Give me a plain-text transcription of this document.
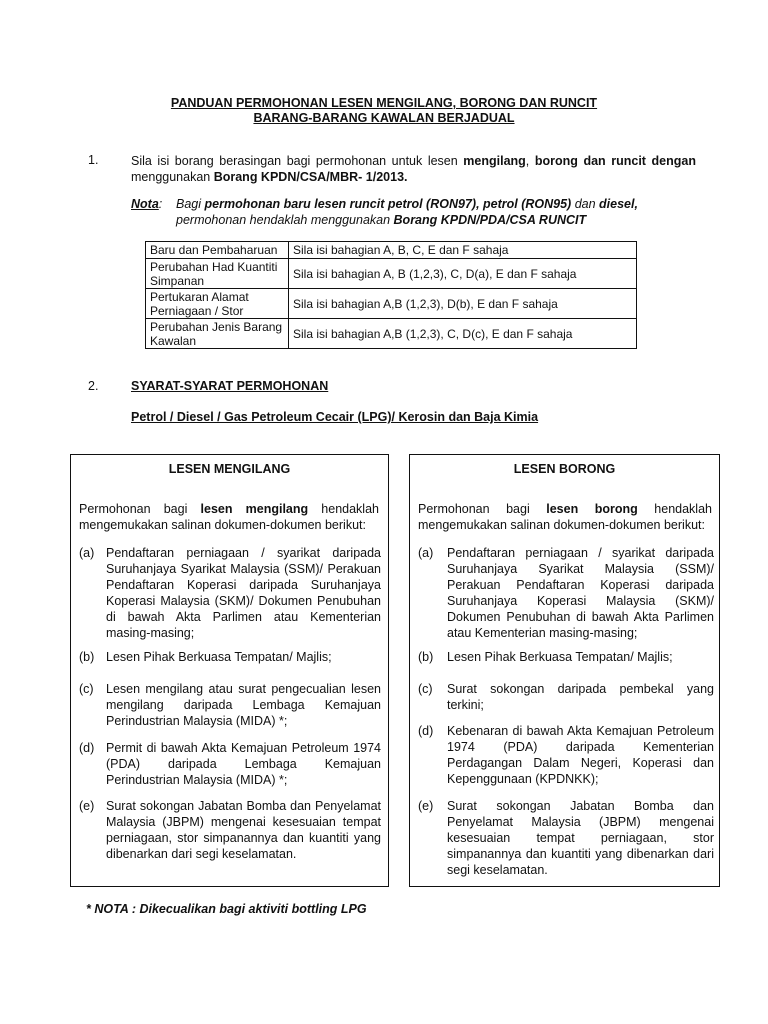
PANDUAN PERMOHONAN LESEN MENGILANG, BORONG DAN RUNCIT
BARANG-BARANG KAWALAN BERJADUAL
1.	Sila isi borang berasingan bagi permohonan untuk lesen mengilang, borong dan runcit dengan menggunakan Borang KPDN/CSA/MBR- 1/2013.
Nota: Bagi permohonan baru lesen runcit petrol (RON97), petrol (RON95) dan diesel,
permohonan hendaklah menggunakan Borang KPDN/PDA/CSA RUNCIT
Baru dan Pembaharuan	Sila isi bahagian A, B, C, E dan F sahaja
Perubahan Had Kuantiti Simpanan	Sila isi bahagian A, B (1,2,3), C, D(a), E dan F sahaja
Pertukaran Alamat Perniagaan / Stor	Sila isi bahagian A,B (1,2,3), D(b), E dan F sahaja
Perubahan Jenis Barang Kawalan	Sila isi bahagian A,B (1,2,3), C, D(c), E dan F sahaja
2.	SYARAT-SYARAT PERMOHONAN
Petrol / Diesel / Gas Petroleum Cecair (LPG)/ Kerosin dan Baja Kimia
LESEN MENGILANG
Permohonan bagi lesen mengilang hendaklah mengemukakan salinan dokumen-dokumen berikut:
(a) Pendaftaran perniagaan / syarikat daripada Suruhanjaya Syarikat Malaysia (SSM)/ Perakuan Pendaftaran Koperasi daripada Suruhanjaya Koperasi Malaysia (SKM)/ Dokumen Penubuhan di bawah Akta Parlimen atau Kementerian masing-masing;
(b) Lesen Pihak Berkuasa Tempatan/ Majlis;
(c) Lesen mengilang atau surat pengecualian lesen mengilang daripada Lembaga Kemajuan Perindustrian Malaysia (MIDA) *;
(d) Permit di bawah Akta Kemajuan Petroleum 1974 (PDA) daripada Lembaga Kemajuan Perindustrian Malaysia (MIDA) *;
(e) Surat sokongan Jabatan Bomba dan Penyelamat Malaysia (JBPM) mengenai kesesuaian tempat perniagaan, stor simpanannya dan kuantiti yang dibenarkan dari segi keselamatan.
LESEN BORONG
Permohonan bagi lesen borong hendaklah mengemukakan salinan dokumen-dokumen berikut:
(a) Pendaftaran perniagaan / syarikat daripada Suruhanjaya Syarikat Malaysia (SSM)/ Perakuan Pendaftaran Koperasi daripada Suruhanjaya Koperasi Malaysia (SKM)/ Dokumen Penubuhan di bawah Akta Parlimen atau Kementerian masing-masing;
(b) Lesen Pihak Berkuasa Tempatan/ Majlis;
(c) Surat sokongan daripada pembekal yang terkini;
(d) Kebenaran di bawah Akta Kemajuan Petroleum 1974 (PDA) daripada Kementerian Perdagangan Dalam Negeri, Koperasi dan Kepenggunaan (KPDNKK);
(e) Surat sokongan Jabatan Bomba dan Penyelamat Malaysia (JBPM) mengenai kesesuaian tempat perniagaan, stor simpanannya dan kuantiti yang dibenarkan dari segi keselamatan.
* NOTA : Dikecualikan bagi aktiviti bottling LPG
